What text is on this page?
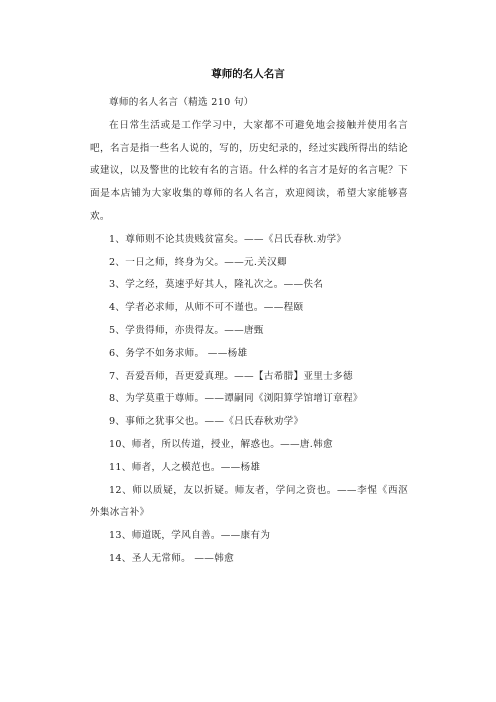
尊师的名人名言

尊师的名人名言（精选 210 句）

在日常生活或是工作学习中，大家都不可避免地会接触并使用名言吧，名言是指一些名人说的，写的，历史纪录的，经过实践所得出的结论或建议，以及警世的比较有名的言语。什么样的名言才是好的名言呢？下面是本店铺为大家收集的尊师的名人名言，欢迎阅读，希望大家能够喜欢。

1、尊师则不论其贵贱贫富矣。——《吕氏春秋.劝学》

2、一日之师，终身为父。——元.关汉卿

3、学之经，莫速乎好其人，隆礼次之。——佚名

4、学者必求师，从师不可不谨也。——程颐

5、学贵得师，亦贵得友。——唐甄

6、务学不如务求师。 ——杨雄

7、吾爱吾师，吾更爱真理。——【古希腊】亚里士多德

8、为学莫重于尊师。——谭嗣同《浏阳算学馆增订章程》

9、事师之犹事父也。——《吕氏春秋劝学》

10、师者，所以传道，授业，解惑也。——唐.韩愈

11、师者，人之模范也。——杨雄

12、师以质疑，友以折疑。师友者，学问之资也。——李惺《西沤外集冰言补》

13、师道既，学风自善。——康有为

14、圣人无常师。 ——韩愈
